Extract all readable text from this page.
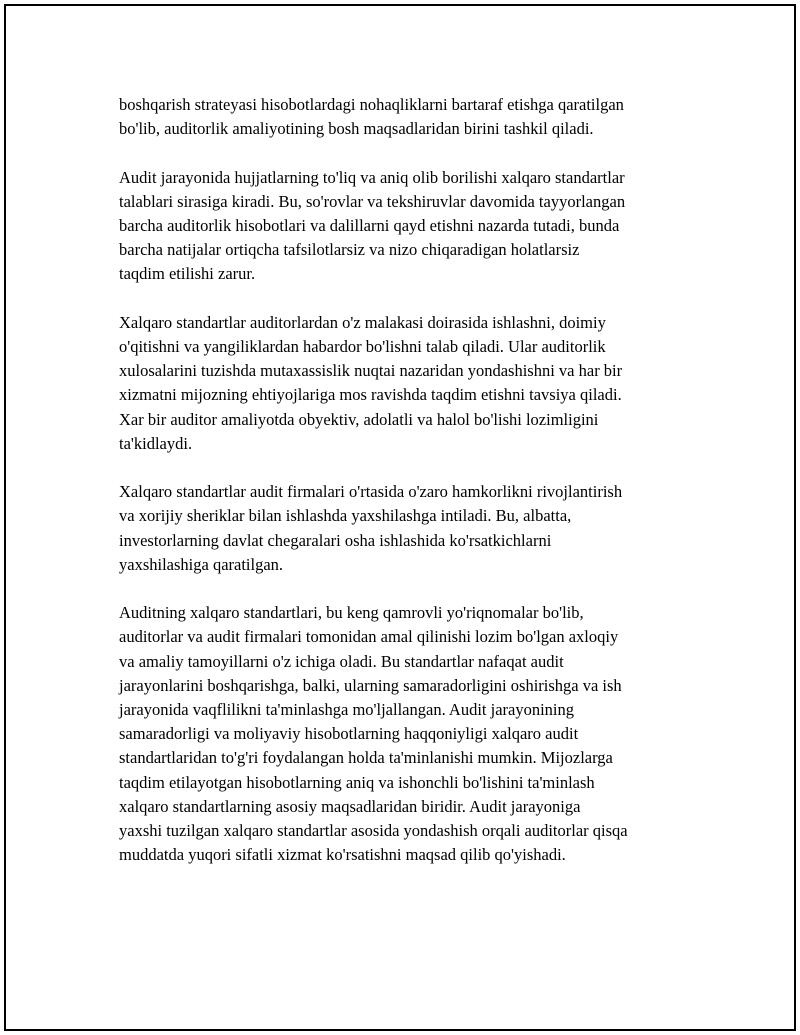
boshqarish strateyasi hisobotlardagi nohaqliklarni bartaraf etishga qaratilgan
bo'lib, auditorlik amaliyotining bosh maqsadlaridan birini tashkil qiladi.

Audit jarayonida hujjatlarning to'liq va aniq olib borilishi xalqaro standartlar
talablari sirasiga kiradi. Bu, so'rovlar va tekshiruvlar davomida tayyorlangan
barcha auditorlik hisobotlari va dalillarni qayd etishni nazarda tutadi, bunda
barcha natijalar ortiqcha tafsilotlarsiz va nizo chiqaradigan holatlarsiz
taqdim etilishi zarur.

Xalqaro standartlar auditorlardan o'z malakasi doirasida ishlashni, doimiy
o'qitishni va yangiliklardan habardor bo'lishni talab qiladi. Ular auditorlik
xulosalarini tuzishda mutaxassislik nuqtai nazaridan yondashishni va har bir
xizmatni mijozning ehtiyojlariga mos ravishda taqdim etishni tavsiya qiladi.
Xar bir auditor amaliyotda obyektiv, adolatli va halol bo'lishi lozimligini
ta'kidlaydi.

Xalqaro standartlar audit firmalari o'rtasida o'zaro hamkorlikni rivojlantirish
va xorijiy sheriklar bilan ishlashda yaxshilashga intiladi. Bu, albatta,
investorlarning davlat chegaralari osha ishlashida ko'rsatkichlarni
yaxshilashiga qaratilgan.

Auditning xalqaro standartlari, bu keng qamrovli yo'riqnomalar bo'lib,
auditorlar va audit firmalari tomonidan amal qilinishi lozim bo'lgan axloqiy
va amaliy tamoyillarni o'z ichiga oladi. Bu standartlar nafaqat audit
jarayonlarini boshqarishga, balki, ularning samaradorligini oshirishga va ish
jarayonida vaqflilikni ta'minlashga mo'ljallangan. Audit jarayonining
samaradorligi va moliyaviy hisobotlarning haqqoniyligi xalqaro audit
standartlaridan to'g'ri foydalangan holda ta'minlanishi mumkin. Mijozlarga
taqdim etilayotgan hisobotlarning aniq va ishonchli bo'lishini ta'minlash
xalqaro standartlarning asosiy maqsadlaridan biridir. Audit jarayoniga
yaxshi tuzilgan xalqaro standartlar asosida yondashish orqali auditorlar qisqa
muddatda yuqori sifatli xizmat ko'rsatishni maqsad qilib qo'yishadi.
